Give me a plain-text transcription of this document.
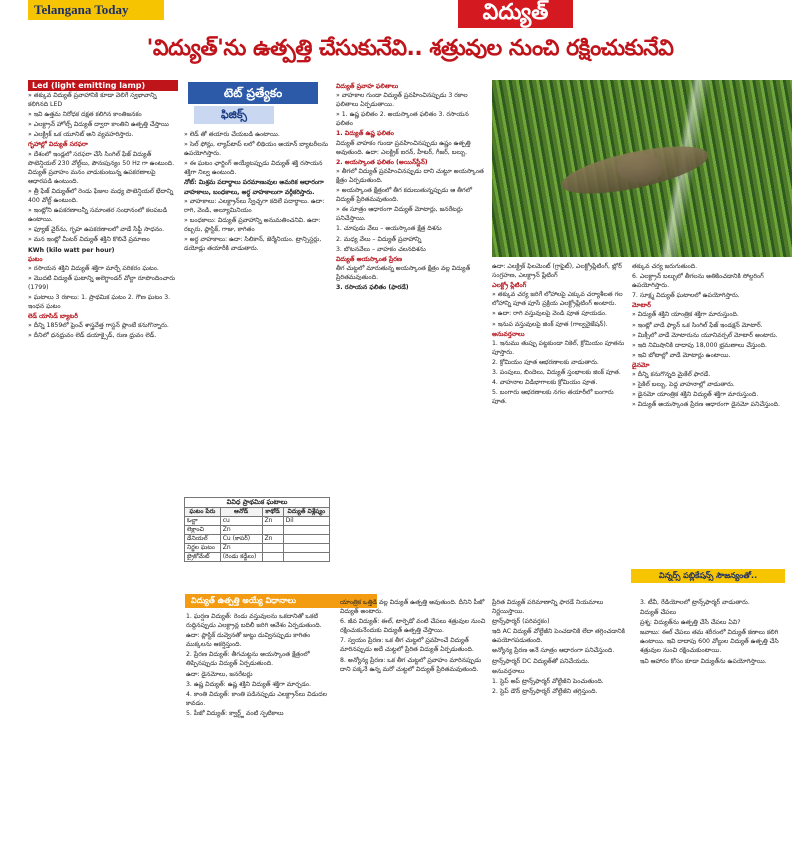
Telangana Today	విద్యుత్
'విద్యుత్'ను ఉత్పత్తి చేసుకునేవి.. శత్రువుల నుంచి రక్షించుకునేవి
Led (light emitting lamp)

» తక్కువ విద్యుత్ ప్రవాహానికి కూడా వెలిగే స్వభావాన్ని కలిగినది LED

» ఇవి ఉత్తమ నిరోధక దక్షత కలిగిన కాంతిజనకం

» ఎలక్ట్రాన్ హోల్స్ విద్యుత్ ద్వారా కాంతిని ఉత్పత్తి చేస్తాయి

» ఎలక్ట్రిక్ ఒక యూనిట్ అని వ్యవహరిస్తారు.

గృహాల్లో విద్యుత్ సరఫరా

» దేశంలో ఇండ్లలో సరఫరా చేసే సింగిల్ ఫేజ్ విద్యుత్ పొటెన్షియల్ 230 వోల్ట్‌లు, పౌనఃపున్యం 50 Hz గా ఉంటుంది. విద్యుత్ ప్రవాహం మనం వాడుకుంటున్న ఉపకరణాలపై ఆధారపడి ఉంటుంది.

» త్రీ ఫేజ్ విద్యుత్‌లో రెండు ఫేజుల మధ్య పొటెన్షియల్ భేదాన్ని 400 వోల్ట్ ఉంటుంది.

» ఇంట్లోని ఉపకరణాలన్నీ సమాంతర సంధానంలో కలపబడి ఉంటాయి.

» ఫ్యూజ్ వైర్‌ను, గృహ ఉపకరణాలలో వాడే సేఫ్టీ సాధనం.

» మన ఇంట్లో మీటర్ విద్యుత్ శక్తిని కొలిచే ప్రమాణం

KWh (kilo watt per hour)
ఘటం

» రసాయన శక్తిని విద్యుత్ శక్తిగా మార్చే పరికరం ఘటం.

» మొదటి విద్యుత్ ఘటాన్ని అలెగ్జాండర్ వోల్టా రూపొందించారు (1799)

» ఘటాలు 3 రకాలు: 1. ప్రాథమిక ఘటం 2. గౌణ ఘటం 3. ఇంధన ఘటం

లెడ్ యాసిడ్ బ్యాటరీ

» దీన్ని 1859లో ఫ్రెంచ్ శాస్త్రవేత్త గాస్టన్ ప్లాంటే కనుగొన్నారు.

» దీనిలో ధనధ్రువం లెడ్ డయాక్సైడ్, రుణ ధ్రువం లెడ్.

టెట్ ప్రత్యేకం
ఫిజిక్స్

» లెడ్ తో తయారు చేయబడి ఉంటాయి.

» సెల్ ఫోన్లు, ల్యాప్‌టాప్ లలో లిథియం అయాన్ బ్యాటరీలను ఉపయోగిస్తారు.

» ఈ ఘటం ఛార్జింగ్ అయ్యేటప్పుడు విద్యుత్ శక్తి రసాయన శక్తిగా నిల్వ ఉంటుంది.

నోట్: మిశ్రమ పదార్థాలు పరమాణువుల అమరిక ఆధారంగా వాహకాలు, బంధకాలు, అర్ధ వాహకాలుగా వర్గీకరిస్తారు.

» వాహకాలు: ఎలక్ట్రాన్‌లు స్వేచ్ఛగా కదిలే పదార్థాలు. ఉదా: రాగి, వెండి, అల్యూమినియం

» బంధకాలు: విద్యుత్ ప్రవాహాన్ని అనుమతించనివి. ఉదా: రబ్బరు, ప్లాస్టిక్, గాజు, కాగితం

» అర్ధ వాహకాలు: ఉదా: సిలికాన్, జెర్మేనియం. ట్రాన్సిస్టర్లు, డయోడ్లు తయారీకి వాడుతారు.

వివిధ ప్రాథమిక ఘటాలు
ఘటం పేరు	ఆనోడ్	కాథోడ్	విద్యుత్ విశ్లేష్యం
ఓల్టా	cu	Zn	Dil
లెక్లాంచి	Zn		
డేనియల్	Cu (కాపర్)	Zn	
నిర్జల ఘటం	Zn		
బ్రైకోమేట్	(రెండు కడ్డీలు)		
విద్యుత్ ప్రవాహ ఫలితాలు

» వాహకాల గుండా విద్యుత్ ప్రవహించినప్పుడు 3 రకాల ఫలితాలు ఏర్పడుతాయి.

» 1. ఉష్ణ ఫలితం 2. అయస్కాంత ఫలితం 3. రసాయన ఫలితం

1. విద్యుత్ ఉష్ణ ఫలితం

విద్యుత్ వాహకం గుండా ప్రవహించినప్పుడు ఉష్ణం ఉత్పత్తి అవుతుంది. ఉదా: ఎలక్ట్రిక్ ఐరన్, హీటర్, గీజర్, బల్బు.

2. అయస్కాంత ఫలితం (అయిన్‌స్టీన్)

» తీగలో విద్యుత్ ప్రవహించినప్పుడు దాని చుట్టూ అయస్కాంత క్షేత్రం ఏర్పడుతుంది.

» అయస్కాంత క్షేత్రంలో తీగ కదులుతున్నప్పుడు ఆ తీగలో విద్యుత్ ప్రేరితమవుతుంది.

» ఈ సూత్రం ఆధారంగా విద్యుత్ మోటార్లు, జనరేటర్లు పనిచేస్తాయి.

1. చూపుడు వేలు – అయస్కాంత క్షేత్ర దిశను

2. మధ్య వేలు – విద్యుత్ ప్రవాహాన్ని

3. బొటనవేలు – వాహకం చలనదిశను

విద్యుత్ అయస్కాంత ప్రేరణ

తీగ చుట్టలో మారుతున్న అయస్కాంత క్షేత్రం వల్ల విద్యుత్ ప్రేరితమవుతుంది.

3. రసాయన ఫలితం (ఫారడే)

ఉదా: ఎలక్ట్రిక్ ఫిలమెంట్ (గ్రాఫైట్), ఎలక్ట్రోప్లేటింగ్, బ్లోర్ సంగ్రహణ, ఎలక్ట్రాన్ ప్లేటింగ్

ఎలక్ట్రో ప్లేటింగ్

» తక్కువ చర్య జరిగే లోహాలపై ఎక్కువ చర్యాశీలత గల లోహాన్ని పూత పూసే ప్రక్రియ ఎలక్ట్రోప్లేటింగ్ అంటారు.

» ఉదా: రాగి వస్తువులపై వెండి పూత పూయడం.

» ఇనుప వస్తువులపై జింక్ పూత (గాల్వనైజేషన్).

అనువర్తనాలు

1. ఇనుము తుప్పు పట్టకుండా నికెల్, క్రోమియం పూతను పూస్తారు.

2. క్రోమియం పూత ఆభరణాలకు వాడుతారు.

3. పంపులు, బిందెలు, విద్యుత్ స్తంభాలకు జింక్ పూత.

4. వాహనాల విడిభాగాలకు క్రోమియం పూత.

5. బంగారు ఆభరణాలకు నగల తయారీలో బంగారు పూత.

తక్కువ చర్య జరుగుతుంది.

6. ఎలక్ట్రాన్ బల్బులో తీగలను అతికించడానికి సోల్డరింగ్ ఉపయోగిస్తారు.

7. సూక్ష్మ విద్యుత్ ఘటాలలో ఉపయోగిస్తారు.

మోటార్

» విద్యుత్ శక్తిని యాంత్రిక శక్తిగా మారుస్తుంది.

» ఇంట్లో వాడే ఫ్యాన్ ఒక సింగిల్ ఫేజ్ ఇండక్షన్ మోటార్.

» మిక్సీలో వాడే మోటారును యూనివర్సల్ మోటార్ అంటారు.

» ఇది నిమిషానికి దాదాపు 18,000 భ్రమణాలు చేస్తుంది.

» ఇవి బోటాల్లో వాడే మోటార్లు ఉంటాయి.

డైనమో

» దీన్ని కనుగొన్నది మైకేల్ ఫారడే.

» సైకిల్ బల్బు, పెద్ద వాహనాల్లో వాడుతారు.

» డైనమో యాంత్రిక శక్తిని విద్యుత్ శక్తిగా మారుస్తుంది.

» విద్యుత్ అయస్కాంత ప్రేరణ ఆధారంగా డైనమో పనిచేస్తుంది.

విన్నర్స్ పబ్లికేషన్స్ సౌజన్యంతో..
విద్యుత్ ఉత్పత్తి అయ్యే విధానాలు

1. ఘర్షణ విద్యుత్: రెండు వస్తువులను ఒకదానితో ఒకటి రుద్దినప్పుడు ఎలక్ట్రాన్ల బదిలీ జరిగి ఆవేశం ఏర్పడుతుంది.

ఉదా: ప్లాస్టిక్ దువ్వెనతో జుట్టు దువ్వినప్పుడు కాగితం ముక్కలను ఆకర్షిస్తుంది.

2. ప్రేరణ విద్యుత్: తీగచుట్టను అయస్కాంత క్షేత్రంలో తిప్పినప్పుడు విద్యుత్ ఏర్పడుతుంది.

ఉదా: డైనమోలు, జనరేటర్లు

3. ఉష్ణ విద్యుత్: ఉష్ణ శక్తిని విద్యుత్ శక్తిగా మార్చడం.

4. కాంతి విద్యుత్: కాంతి పడినప్పుడు ఎలక్ట్రాన్‌లు విడుదల కావడం.

5. పీజో విద్యుత్: క్వార్ట్జ్ వంటి స్ఫటికాలు

యాంత్రిక ఒత్తిడి వల్ల విద్యుత్ ఉత్పత్తి అవుతుంది. దీనిని పీజో విద్యుత్ అంటారు.

6. జీవ విద్యుత్: ఈల్, టార్పెడో వంటి చేపలు శత్రువుల నుంచి రక్షించుకునేందుకు విద్యుత్ ఉత్పత్తి చేస్తాయి.

7. స్వయం ప్రేరణ: ఒక తీగ చుట్టలో ప్రవహించే విద్యుత్ మారినప్పుడు అదే చుట్టలో ప్రేరిత విద్యుత్ ఏర్పడుతుంది.

8. అన్యోన్య ప్రేరణ: ఒక తీగ చుట్టలో ప్రవాహం మారినప్పుడు దాని పక్కనే ఉన్న మరో చుట్టలో విద్యుత్ ప్రేరితమవుతుంది.

ప్రేరిత విద్యుత్ పరిమాణాన్ని ఫారడే నియమాలు నిర్ణయిస్తాయి.

ట్రాన్స్‌ఫార్మర్ (పరివర్తకం)

ఇది AC విద్యుత్ వోల్టేజీని పెంచడానికి లేదా తగ్గించడానికి ఉపయోగపడుతుంది.

అన్యోన్య ప్రేరణ అనే సూత్రం ఆధారంగా పనిచేస్తుంది.

ట్రాన్స్‌ఫార్మర్ DC విద్యుత్‌తో పనిచేయదు.

అనువర్తనాలు

1. స్టెప్ అప్ ట్రాన్స్‌ఫార్మర్ వోల్టేజీని పెంచుతుంది.

2. స్టెప్ డౌన్ ట్రాన్స్‌ఫార్మర్ వోల్టేజీని తగ్గిస్తుంది.

3. టీవీ, రేడియోలలో ట్రాన్స్‌ఫార్మర్ వాడుతారు.

విద్యుత్ చేపలు

ప్రశ్న: విద్యుత్‌ను ఉత్పత్తి చేసే చేపలు ఏవి?

జవాబు: ఈల్ చేపలు తమ శరీరంలో విద్యుత్ కణాలు కలిగి ఉంటాయి. ఇవి దాదాపు 600 వోల్టుల విద్యుత్ ఉత్పత్తి చేసి శత్రువుల నుంచి రక్షించుకుంటాయి.

ఇవి ఆహారం కోసం కూడా విద్యుత్‌ను ఉపయోగిస్తాయి.
